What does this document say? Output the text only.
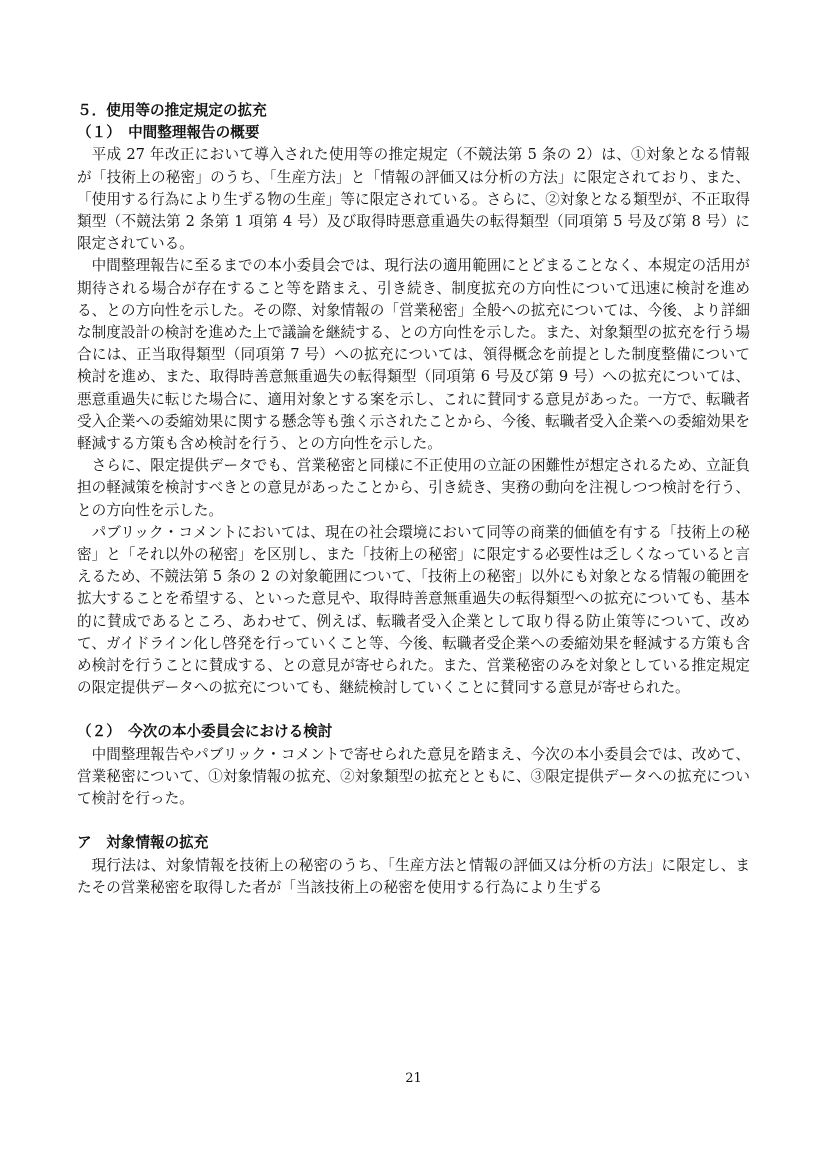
５．使用等の推定規定の拡充
（１）　中間整理報告の概要

平成 27 年改正において導入された使用等の推定規定（不競法第 5 条の 2）は、①対象となる情報が「技術上の秘密」のうち、「生産方法」と「情報の評価又は分析の方法」に限定されており、また、「使用する行為により生ずる物の生産」等に限定されている。さらに、②対象となる類型が、不正取得類型（不競法第 2 条第 1 項第 4 号）及び取得時悪意重過失の転得類型（同項第 5 号及び第 8 号）に限定されている。

中間整理報告に至るまでの本小委員会では、現行法の適用範囲にとどまることなく、本規定の活用が期待される場合が存在すること等を踏まえ、引き続き、制度拡充の方向性について迅速に検討を進める、との方向性を示した。その際、対象情報の「営業秘密」全般への拡充については、今後、より詳細な制度設計の検討を進めた上で議論を継続する、との方向性を示した。また、対象類型の拡充を行う場合には、正当取得類型（同項第 7 号）への拡充については、領得概念を前提とした制度整備について検討を進め、また、取得時善意無重過失の転得類型（同項第 6 号及び第 9 号）への拡充については、悪意重過失に転じた場合に、適用対象とする案を示し、これに賛同する意見があった。一方で、転職者受入企業への委縮効果に関する懸念等も強く示されたことから、今後、転職者受入企業への委縮効果を軽減する方策も含め検討を行う、との方向性を示した。

さらに、限定提供データでも、営業秘密と同様に不正使用の立証の困難性が想定されるため、立証負担の軽減策を検討すべきとの意見があったことから、引き続き、実務の動向を注視しつつ検討を行う、との方向性を示した。

パブリック・コメントにおいては、現在の社会環境において同等の商業的価値を有する「技術上の秘密」と「それ以外の秘密」を区別し、また「技術上の秘密」に限定する必要性は乏しくなっていると言えるため、不競法第 5 条の 2 の対象範囲について、「技術上の秘密」以外にも対象となる情報の範囲を拡大することを希望する、といった意見や、取得時善意無重過失の転得類型への拡充についても、基本的に賛成であるところ、あわせて、例えば、転職者受入企業として取り得る防止策等について、改めて、ガイドライン化し啓発を行っていくこと等、今後、転職者受企業への委縮効果を軽減する方策も含め検討を行うことに賛成する、との意見が寄せられた。また、営業秘密のみを対象としている推定規定の限定提供データへの拡充についても、継続検討していくことに賛同する意見が寄せられた。

（２）　今次の本小委員会における検討

中間整理報告やパブリック・コメントで寄せられた意見を踏まえ、今次の本小委員会では、改めて、営業秘密について、①対象情報の拡充、②対象類型の拡充とともに、③限定提供データへの拡充について検討を行った。

ア　対象情報の拡充

現行法は、対象情報を技術上の秘密のうち、「生産方法と情報の評価又は分析の方法」に限定し、またその営業秘密を取得した者が「当該技術上の秘密を使用する行為により生ずる

21
